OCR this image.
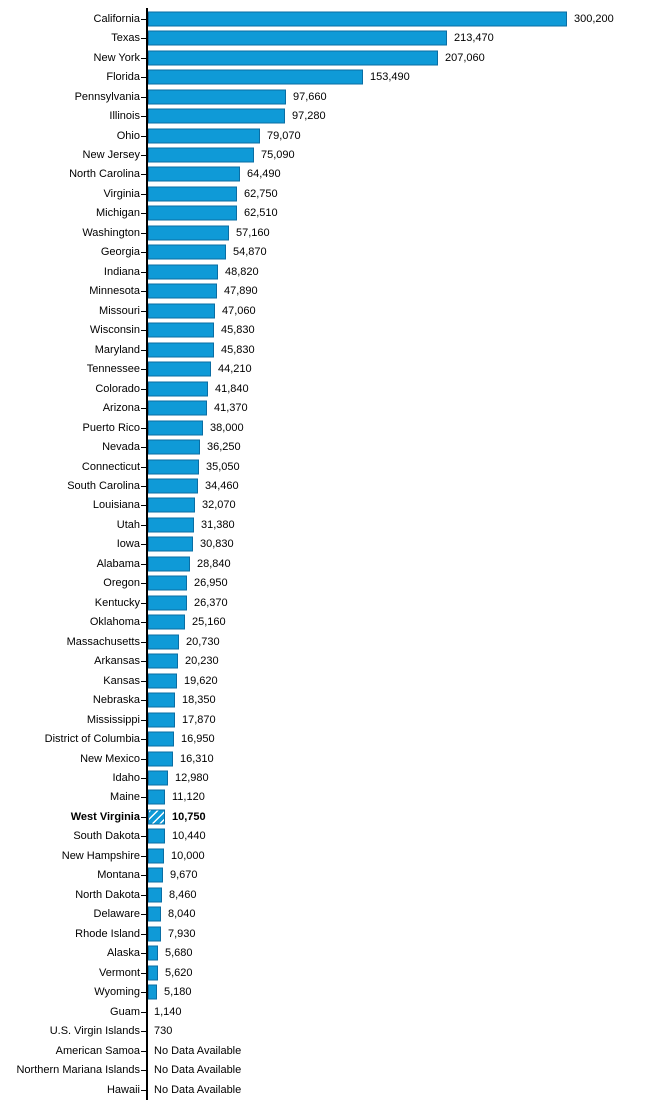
California	300,200
Texas	213,470
New York	207,060
Florida	153,490
Pennsylvania	97,660
Illinois	97,280
Ohio	79,070
New Jersey	75,090
North Carolina	64,490
Virginia	62,750
Michigan	62,510
Washington	57,160
Georgia	54,870
Indiana	48,820
Minnesota	47,890
Missouri	47,060
Wisconsin	45,830
Maryland	45,830
Tennessee	44,210
Colorado	41,840
Arizona	41,370
Puerto Rico	38,000
Nevada	36,250
Connecticut	35,050
South Carolina	34,460
Louisiana	32,070
Utah	31,380
Iowa	30,830
Alabama	28,840
Oregon	26,950
Kentucky	26,370
Oklahoma	25,160
Massachusetts	20,730
Arkansas	20,230
Kansas	19,620
Nebraska	18,350
Mississippi	17,870
District of Columbia	16,950
New Mexico	16,310
Idaho	12,980
Maine	11,120
West Virginia	10,750
South Dakota	10,440
New Hampshire	10,000
Montana	9,670
North Dakota	8,460
Delaware	8,040
Rhode Island	7,930
Alaska 5,680
Vermont 5,620
Wyoming 5,180
Guam 1,140
U.S. Virgin Islands 730
American Samoa No Data Available
Northern Mariana Islands No Data Available
Hawaii No Data Available
